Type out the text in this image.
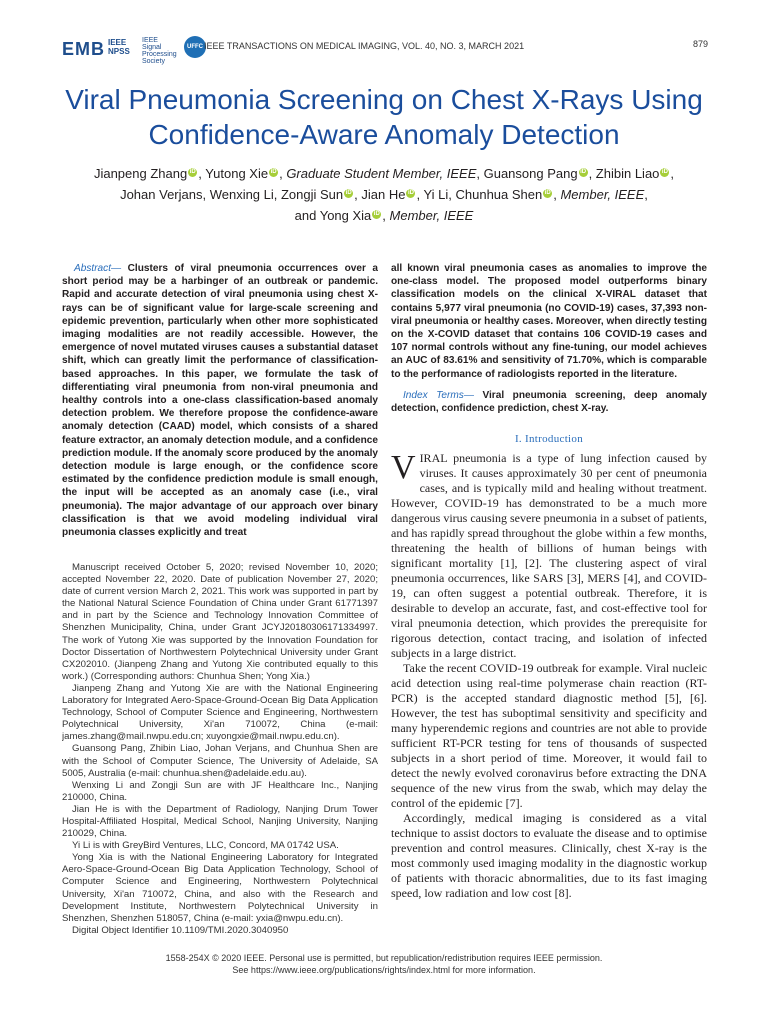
EMB IEEE
NPSS
IEEE
Signal
Processing
Society
UFFC IEEE TRANSACTIONS ON MEDICAL IMAGING, VOL. 40, NO. 3, MARCH 2021	879
Viral Pneumonia Screening on Chest X-Rays Using Confidence-Aware Anomaly Detection
Jianpeng Zhang iD , Yutong Xie iD , Graduate Student Member, IEEE, Guansong Pang iD , Zhibin Liao iD ,
Johan Verjans, Wenxing Li, Zongji Sun iD , Jian He iD , Yi Li, Chunhua Shen iD , Member, IEEE,
and Yong Xia iD , Member, IEEE
Abstract— Clusters of viral pneumonia occurrences over a short period may be a harbinger of an outbreak or pandemic. Rapid and accurate detection of viral pneumonia using chest X-rays can be of significant value for large-scale screening and epidemic prevention, particularly when other more sophisticated imaging modalities are not readily accessible. However, the emergence of novel mutated viruses causes a substantial dataset shift, which can greatly limit the performance of classification-based approaches. In this paper, we formulate the task of differentiating viral pneumonia from non-viral pneumonia and healthy controls into a one-class classification-based anomaly detection problem. We therefore propose the confidence-aware anomaly detection (CAAD) model, which consists of a shared feature extractor, an anomaly detection module, and a confidence prediction module. If the anomaly score produced by the anomaly detection module is large enough, or the confidence score estimated by the confidence prediction module is small enough, the input will be accepted as an anomaly case (i.e., viral pneumonia). The major advantage of our approach over binary classification is that we avoid modeling individual viral pneumonia classes explicitly and treat

Manuscript received October 5, 2020; revised November 10, 2020; accepted November 22, 2020. Date of publication November 27, 2020; date of current version March 2, 2021. This work was supported in part by the National Natural Science Foundation of China under Grant 61771397 and in part by the Science and Technology Innovation Committee of Shenzhen Municipality, China, under Grant JCYJ20180306171334997. The work of Yutong Xie was supported by the Innovation Foundation for Doctor Dissertation of Northwestern Polytechnical University under Grant CX202010. (Jianpeng Zhang and Yutong Xie contributed equally to this work.) (Corresponding authors: Chunhua Shen; Yong Xia.)

Jianpeng Zhang and Yutong Xie are with the National Engineering Laboratory for Integrated Aero-Space-Ground-Ocean Big Data Application Technology, School of Computer Science and Engineering, Northwestern Polytechnical University, Xi'an 710072, China (e-mail: james.zhang@mail.nwpu.edu.cn; xuyongxie@mail.nwpu.edu.cn).

Guansong Pang, Zhibin Liao, Johan Verjans, and Chunhua Shen are with the School of Computer Science, The University of Adelaide, SA 5005, Australia (e-mail: chunhua.shen@adelaide.edu.au).

Wenxing Li and Zongji Sun are with JF Healthcare Inc., Nanjing 210000, China.

Jian He is with the Department of Radiology, Nanjing Drum Tower Hospital-Affiliated Hospital, Medical School, Nanjing University, Nanjing 210029, China.

Yi Li is with GreyBird Ventures, LLC, Concord, MA 01742 USA.

Yong Xia is with the National Engineering Laboratory for Integrated Aero-Space-Ground-Ocean Big Data Application Technology, School of Computer Science and Engineering, Northwestern Polytechnical University, Xi'an 710072, China, and also with the Research and Development Institute, Northwestern Polytechnical University in Shenzhen, Shenzhen 518057, China (e-mail: yxia@nwpu.edu.cn).

Digital Object Identifier 10.1109/TMI.2020.3040950

all known viral pneumonia cases as anomalies to improve the one-class model. The proposed model outperforms binary classification models on the clinical X-VIRAL dataset that contains 5,977 viral pneumonia (no COVID-19) cases, 37,393 non-viral pneumonia or healthy cases. Moreover, when directly testing on the X-COVID dataset that contains 106 COVID-19 cases and 107 normal controls without any fine-tuning, our model achieves an AUC of 83.61% and sensitivity of 71.70%, which is comparable to the performance of radiologists reported in the literature.
Index Terms— Viral pneumonia screening, deep anomaly detection, confidence prediction, chest X-ray.
I. Introduction

VIRAL pneumonia is a type of lung infection caused by viruses. It causes approximately 30 per cent of pneumonia cases, and is typically mild and healing without treatment. However, COVID-19 has demonstrated to be a much more dangerous virus causing severe pneumonia in a subset of patients, and has rapidly spread throughout the globe within a few months, threatening the health of billions of human beings with significant mortality [1], [2]. The clustering aspect of viral pneumonia occurrences, like SARS [3], MERS [4], and COVID-19, can often suggest a potential outbreak. Therefore, it is desirable to develop an accurate, fast, and cost-effective tool for viral pneumonia detection, which provides the prerequisite for rigorous detection, contact tracing, and isolation of infected subjects in a large district.

Take the recent COVID-19 outbreak for example. Viral nucleic acid detection using real-time polymerase chain reaction (RT-PCR) is the accepted standard diagnostic method [5], [6]. However, the test has suboptimal sensitivity and specificity and many hyperendemic regions and countries are not able to provide sufficient RT-PCR testing for tens of thousands of suspected subjects in a short period of time. Moreover, it would fail to detect the newly evolved coronavirus before extracting the DNA sequence of the new virus from the swab, which may delay the control of the epidemic [7].

Accordingly, medical imaging is considered as a vital technique to assist doctors to evaluate the disease and to optimise prevention and control measures. Clinically, chest X-ray is the most commonly used imaging modality in the diagnostic workup of patients with thoracic abnormalities, due to its fast imaging speed, low radiation and low cost [8].

1558-254X © 2020 IEEE. Personal use is permitted, but republication/redistribution requires IEEE permission.
See https://www.ieee.org/publications/rights/index.html for more information.
